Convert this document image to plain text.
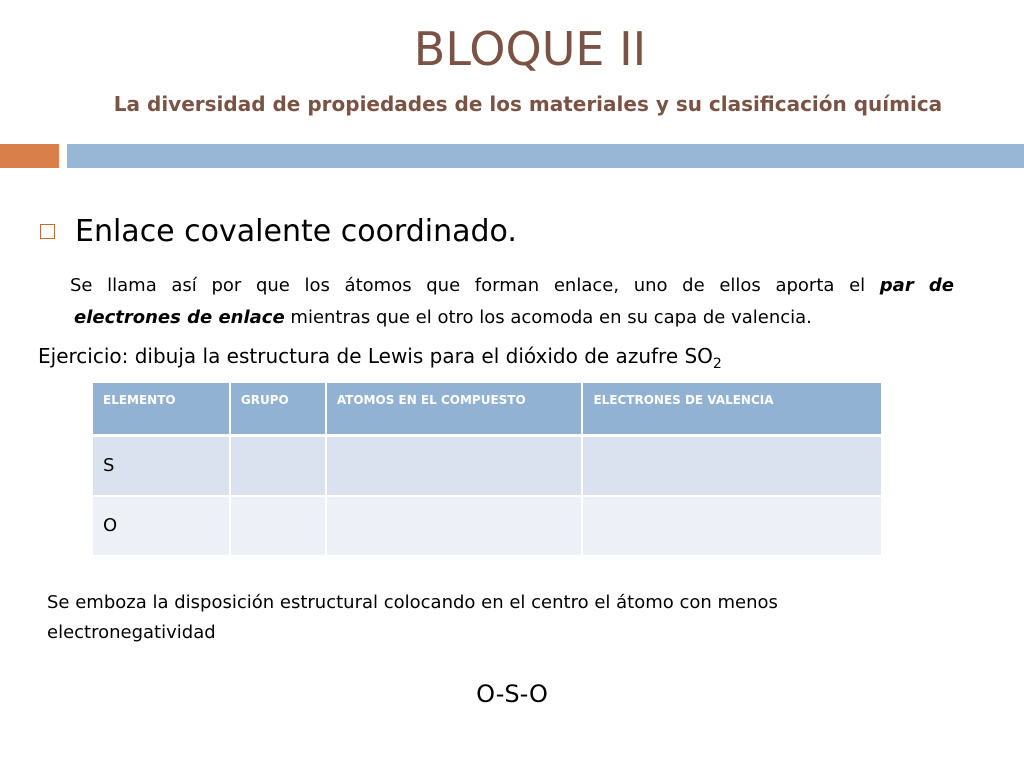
BLOQUE II
La diversidad de propiedades de los materiales y su clasificación química
Enlace covalente coordinado.
Se llama así por que los átomos que forman enlace, uno de ellos aporta el par de
electrones de enlace mientras que el otro los acomoda en su capa de valencia.
Ejercicio: dibuja la estructura de Lewis para el dióxido de azufre $SO_2$
ELEMENTO	GRUPO	ATOMOS EN EL COMPUESTO	ELECTRONES DE VALENCIA
S			
O			
Se emboza la disposición estructural colocando en el centro el átomo con menos electronegatividad
O-S-O
